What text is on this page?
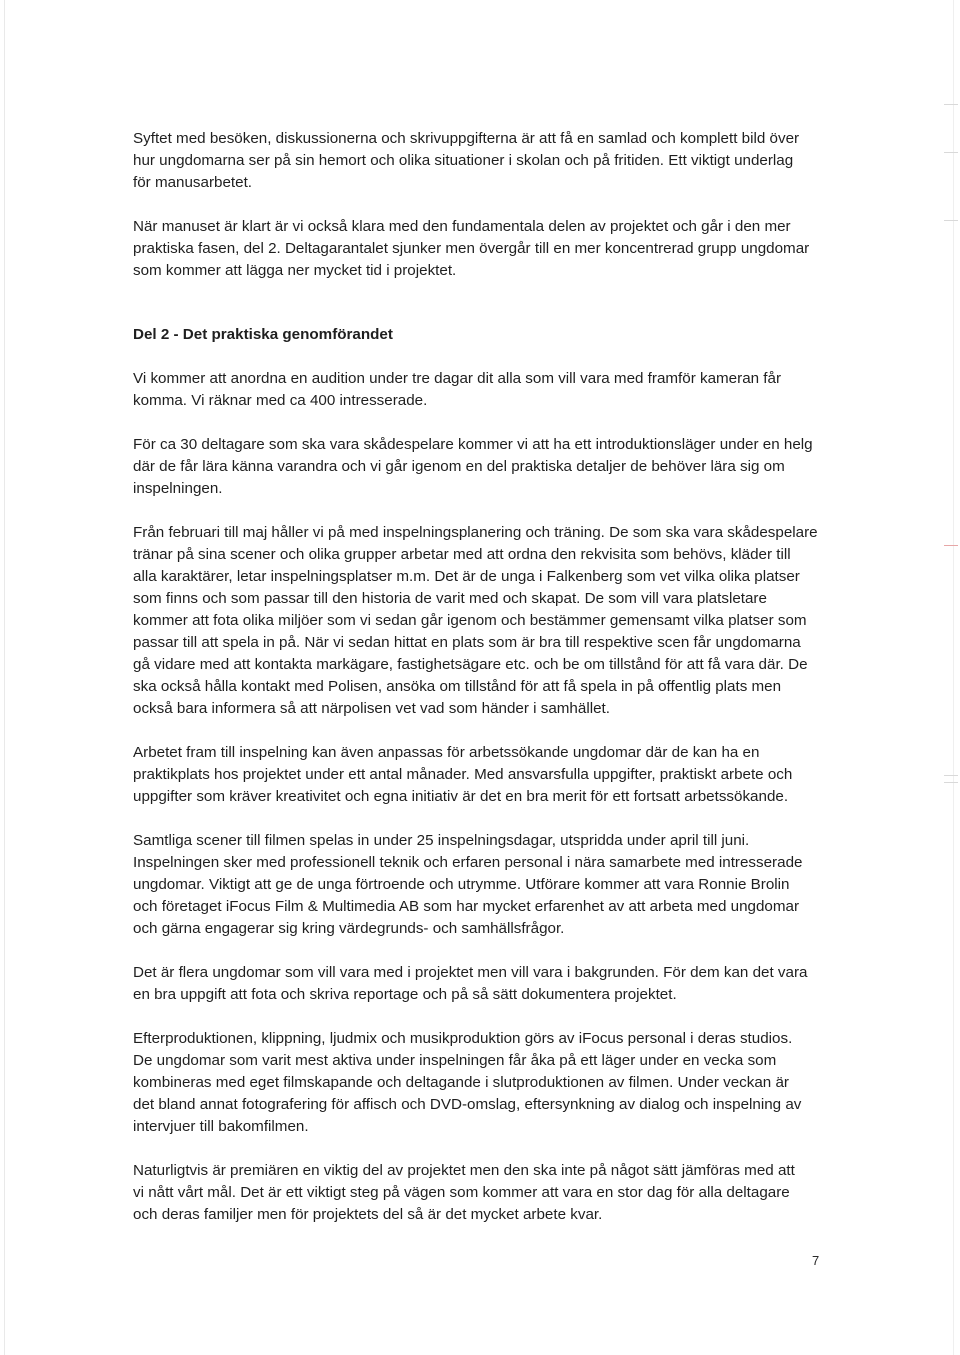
Syftet med besöken, diskussionerna och skrivuppgifterna är att få en samlad och komplett bild över
hur ungdomarna ser på sin hemort och olika situationer i skolan och på fritiden. Ett viktigt underlag
för manusarbetet.

När manuset är klart är vi också klara med den fundamentala delen av projektet och går i den mer
praktiska fasen, del 2. Deltagarantalet sjunker men övergår till en mer koncentrerad grupp ungdomar
som kommer att lägga ner mycket tid i projektet.

Del 2 - Det praktiska genomförandet

Vi kommer att anordna en audition under tre dagar dit alla som vill vara med framför kameran får
komma. Vi räknar med ca 400 intresserade.

För ca 30 deltagare som ska vara skådespelare kommer vi att ha ett introduktionsläger under en helg
där de får lära känna varandra och vi går igenom en del praktiska detaljer de behöver lära sig om
inspelningen.

Från februari till maj håller vi på med inspelningsplanering och träning. De som ska vara skådespelare
tränar på sina scener och olika grupper arbetar med att ordna den rekvisita som behövs, kläder till
alla karaktärer, letar inspelningsplatser m.m. Det är de unga i Falkenberg som vet vilka olika platser
som finns och som passar till den historia de varit med och skapat. De som vill vara platsletare
kommer att fota olika miljöer som vi sedan går igenom och bestämmer gemensamt vilka platser som
passar till att spela in på. När vi sedan hittat en plats som är bra till respektive scen får ungdomarna
gå vidare med att kontakta markägare, fastighetsägare etc. och be om tillstånd för att få vara där. De
ska också hålla kontakt med Polisen, ansöka om tillstånd för att få spela in på offentlig plats men
också bara informera så att närpolisen vet vad som händer i samhället.

Arbetet fram till inspelning kan även anpassas för arbetssökande ungdomar där de kan ha en
praktikplats hos projektet under ett antal månader. Med ansvarsfulla uppgifter, praktiskt arbete och
uppgifter som kräver kreativitet och egna initiativ är det en bra merit för ett fortsatt arbetssökande.

Samtliga scener till filmen spelas in under 25 inspelningsdagar, utspridda under april till juni.
Inspelningen sker med professionell teknik och erfaren personal i nära samarbete med intresserade
ungdomar. Viktigt att ge de unga förtroende och utrymme. Utförare kommer att vara Ronnie Brolin
och företaget iFocus Film & Multimedia AB som har mycket erfarenhet av att arbeta med ungdomar
och gärna engagerar sig kring värdegrunds- och samhällsfrågor.

Det är flera ungdomar som vill vara med i projektet men vill vara i bakgrunden. För dem kan det vara
en bra uppgift att fota och skriva reportage och på så sätt dokumentera projektet.

Efterproduktionen, klippning, ljudmix och musikproduktion görs av iFocus personal i deras studios.
De ungdomar som varit mest aktiva under inspelningen får åka på ett läger under en vecka som
kombineras med eget filmskapande och deltagande i slutproduktionen av filmen. Under veckan är
det bland annat fotografering för affisch och DVD-omslag, eftersynkning av dialog och inspelning av
intervjuer till bakomfilmen.

Naturligtvis är premiären en viktig del av projektet men den ska inte på något sätt jämföras med att
vi nått vårt mål. Det är ett viktigt steg på vägen som kommer att vara en stor dag för alla deltagare
och deras familjer men för projektets del så är det mycket arbete kvar.

7
